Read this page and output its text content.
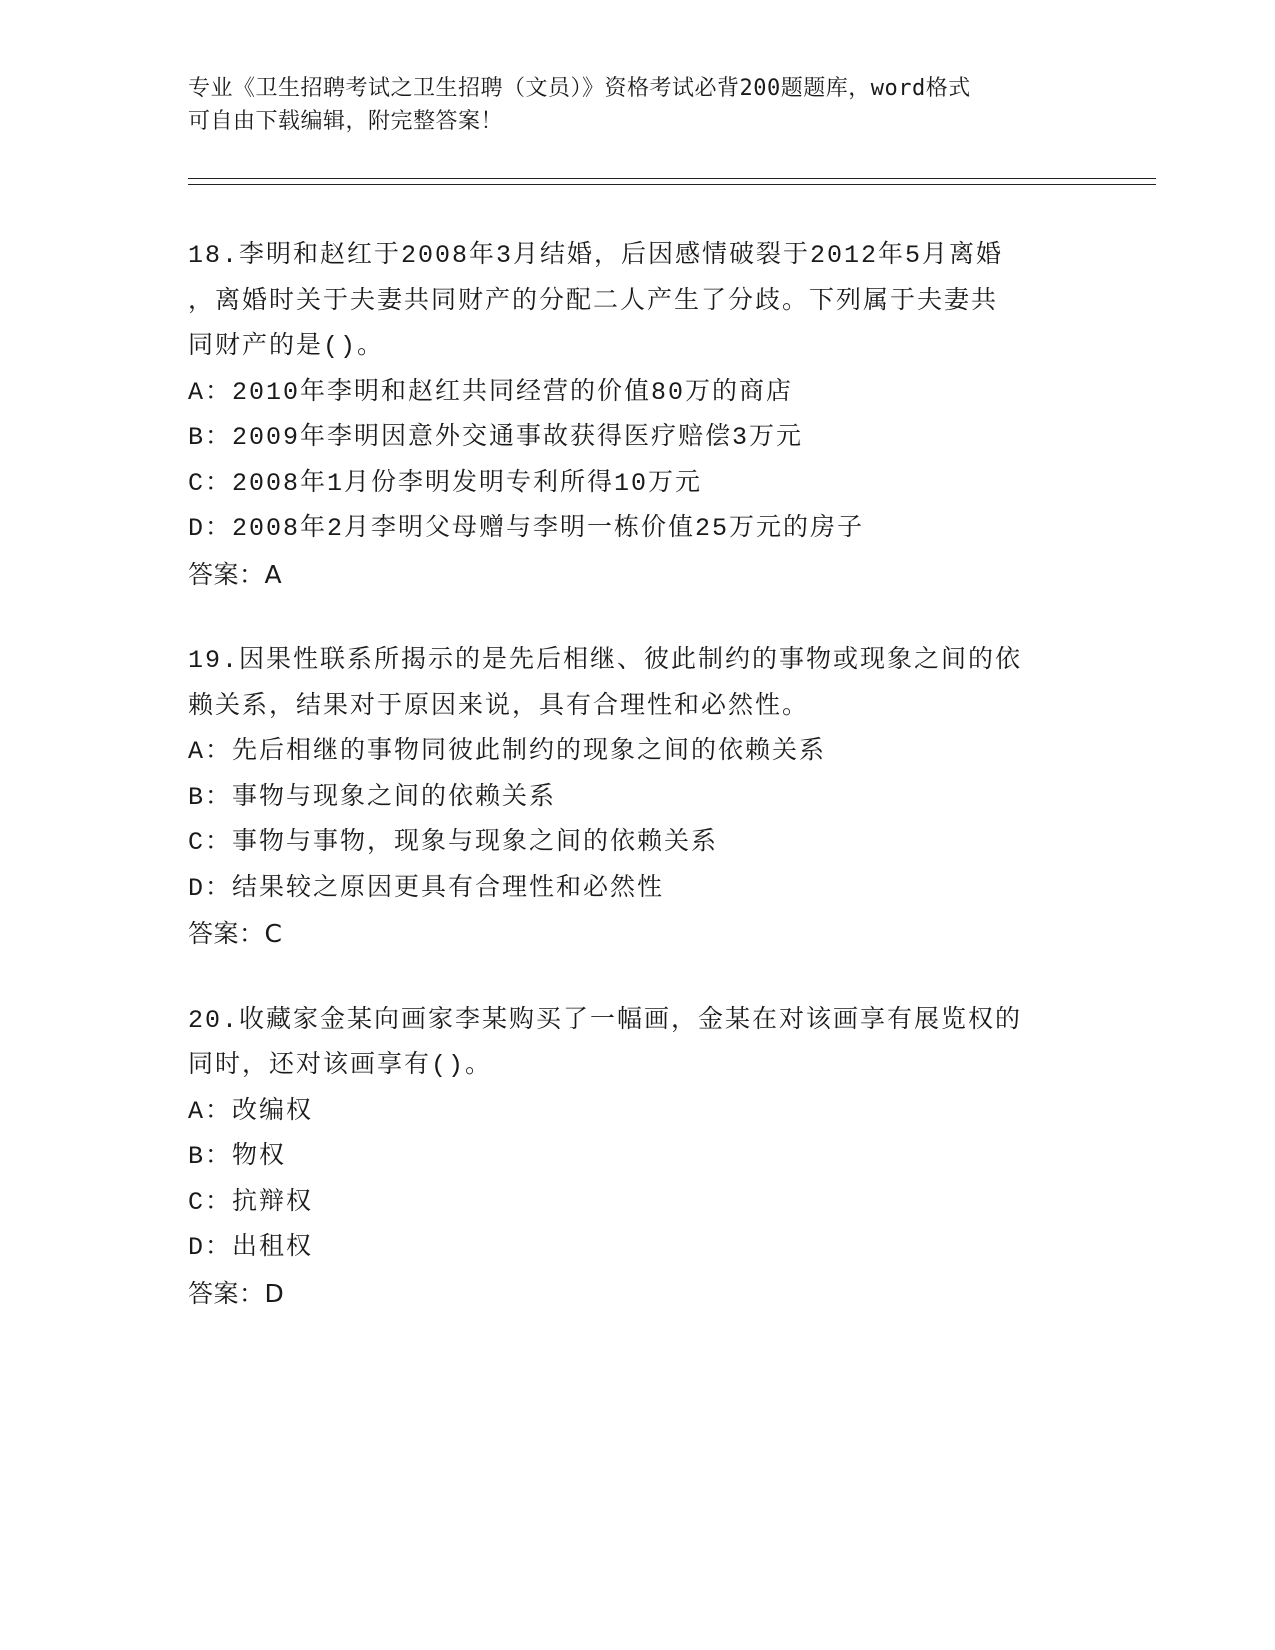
专业《卫生招聘考试之卫生招聘（文员）》资格考试必背200题题库，word格式
可自由下载编辑，附完整答案！
18.李明和赵红于2008年3月结婚，后因感情破裂于2012年5月离婚
，离婚时关于夫妻共同财产的分配二人产生了分歧。下列属于夫妻共
同财产的是()。
A：2010年李明和赵红共同经营的价值80万的商店
B：2009年李明因意外交通事故获得医疗赔偿3万元
C：2008年1月份李明发明专利所得10万元
D：2008年2月李明父母赠与李明一栋价值25万元的房子
答案：A
19.因果性联系所揭示的是先后相继、彼此制约的事物或现象之间的依
赖关系，结果对于原因来说，具有合理性和必然性。
A：先后相继的事物同彼此制约的现象之间的依赖关系
B：事物与现象之间的依赖关系
C：事物与事物，现象与现象之间的依赖关系
D：结果较之原因更具有合理性和必然性
答案：C
20.收藏家金某向画家李某购买了一幅画，金某在对该画享有展览权的
同时，还对该画享有()。
A：改编权
B：物权
C：抗辩权
D：出租权
答案：D
